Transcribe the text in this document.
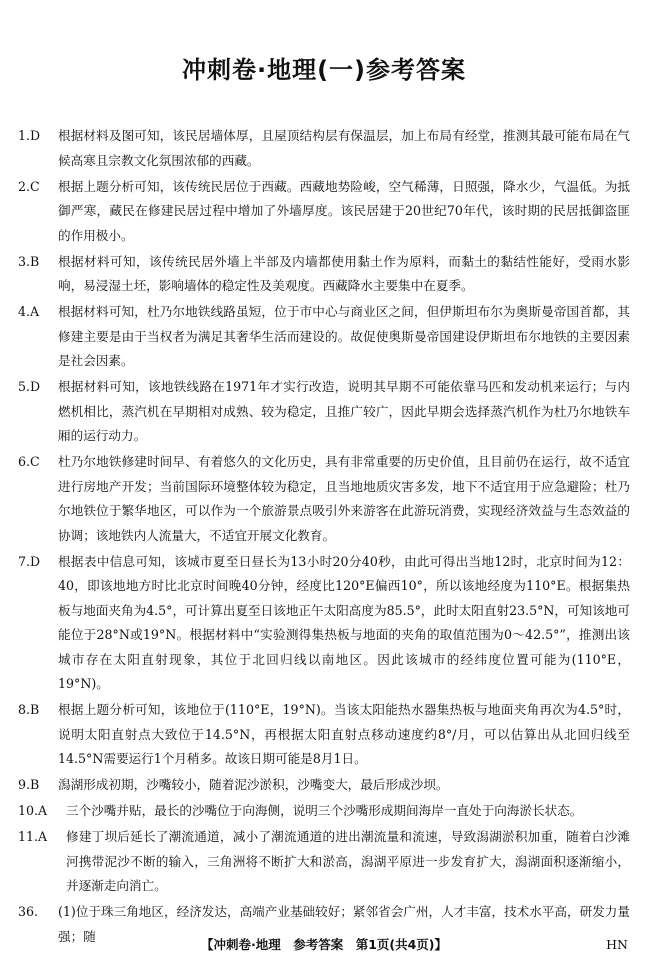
冲刺卷·地理(一)参考答案
1.D	根据材料及图可知，该民居墙体厚，且屋顶结构层有保温层，加上布局有经堂，推测其最可能布局在气候高寒且宗教文化氛围浓郁的西藏。
2.C	根据上题分析可知，该传统民居位于西藏。西藏地势险峻，空气稀薄，日照强，降水少，气温低。为抵御严寒，藏民在修建民居过程中增加了外墙厚度。该民居建于20世纪70年代，该时期的民居抵御盗匪的作用极小。
3.B	根据材料可知，该传统民居外墙上半部及内墙都使用黏土作为原料，而黏土的黏结性能好，受雨水影响，易浸湿土坯，影响墙体的稳定性及美观度。西藏降水主要集中在夏季。
4.A	根据材料可知，杜乃尔地铁线路虽短，位于市中心与商业区之间，但伊斯坦布尔为奥斯曼帝国首都，其修建主要是由于当权者为满足其奢华生活而建设的。故促使奥斯曼帝国建设伊斯坦布尔地铁的主要因素是社会因素。
5.D	根据材料可知，该地铁线路在1971年才实行改造，说明其早期不可能依靠马匹和发动机来运行；与内燃机相比，蒸汽机在早期相对成熟、较为稳定，且推广较广，因此早期会选择蒸汽机作为杜乃尔地铁车厢的运行动力。
6.C	杜乃尔地铁修建时间早、有着悠久的文化历史，具有非常重要的历史价值，且目前仍在运行，故不适宜进行房地产开发；当前国际环境整体较为稳定，且当地地质灾害多发，地下不适宜用于应急避险；杜乃尔地铁位于繁华地区，可以作为一个旅游景点吸引外来游客在此游玩消费，实现经济效益与生态效益的协调；该地铁内人流量大，不适宜开展文化教育。
7.D	根据表中信息可知，该城市夏至日昼长为13小时20分40秒，由此可得出当地12时，北京时间为12：40，即该地地方时比北京时间晚40分钟，经度比120°E偏西10°，所以该地经度为110°E。根据集热板与地面夹角为4.5°，可计算出夏至日该地正午太阳高度为85.5°，此时太阳直射23.5°N，可知该地可能位于28°N或19°N。根据材料中“实验测得集热板与地面的夹角的取值范围为0～42.5°”，推测出该城市存在太阳直射现象，其位于北回归线以南地区。因此该城市的经纬度位置可能为(110°E，19°N)。
8.B	根据上题分析可知，该地位于(110°E，19°N)。当该太阳能热水器集热板与地面夹角再次为4.5°时，说明太阳直射点大致位于14.5°N，再根据太阳直射点移动速度约8°/月，可以估算出从北回归线至14.5°N需要运行1个月稍多。故该日期可能是8月1日。
9.B	潟湖形成初期，沙嘴较小，随着泥沙淤积，沙嘴变大，最后形成沙坝。
10.A	三个沙嘴并贴，最长的沙嘴位于向海侧，说明三个沙嘴形成期间海岸一直处于向海淤长状态。
11.A	修建丁坝后延长了潮流通道，减小了潮流通道的进出潮流量和流速，导致潟湖淤积加重，随着白沙滩河携带泥沙不断的输入，三角洲将不断扩大和淤高，潟湖平原进一步发育扩大，潟湖面积逐渐缩小，并逐渐走向消亡。
36.	(1)位于珠三角地区，经济发达，高端产业基础较好；紧邻省会广州，人才丰富，技术水平高，研发力量强；随
【冲刺卷·地理　参考答案　第1页(共4页)】	HN
